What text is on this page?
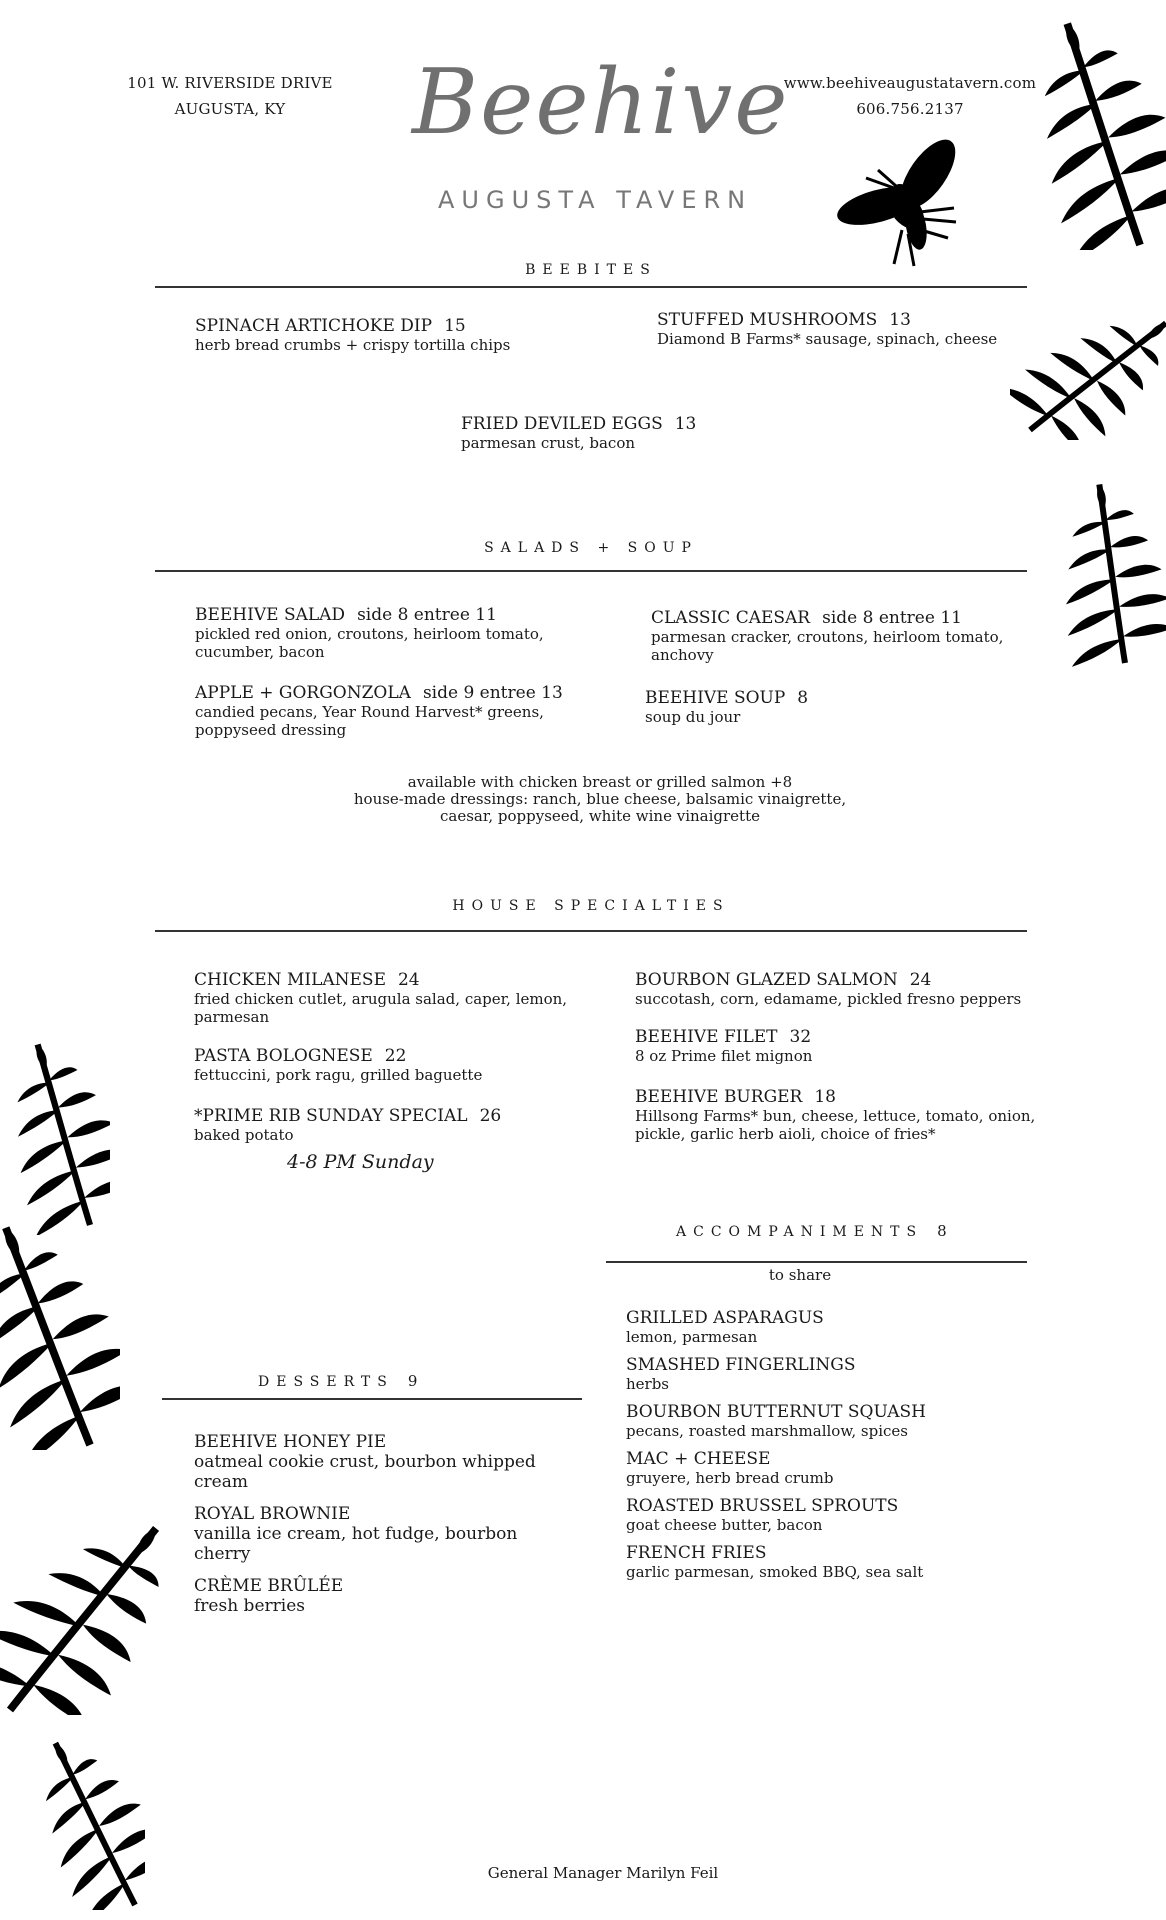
101 W. RIVERSIDE DRIVE
AUGUSTA, KY	Beehive
AUGUSTA TAVERN
www.beehiveaugustatavern.com
606.756.2137
BEEBITES
SPINACH ARTICHOKE DIP 15
herb bread crumbs + crispy tortilla chips
STUFFED MUSHROOMS 13
Diamond B Farms* sausage, spinach, cheese
FRIED DEVILED EGGS 13
parmesan crust, bacon
SALADS + SOUP
BEEHIVE SALAD side 8 entree 11
pickled red onion, croutons, heirloom tomato, cucumber, bacon
CLASSIC CAESAR side 8 entree 11
parmesan cracker, croutons, heirloom tomato, anchovy
APPLE + GORGONZOLA side 9 entree 13
candied pecans, Year Round Harvest* greens, poppyseed dressing
BEEHIVE SOUP 8
soup du jour
available with chicken breast or grilled salmon +8
house-made dressings: ranch, blue cheese, balsamic vinaigrette,
caesar, poppyseed, white wine vinaigrette
HOUSE SPECIALTIES
CHICKEN MILANESE 24
fried chicken cutlet, arugula salad, caper, lemon, parmesan
BOURBON GLAZED SALMON 24
succotash, corn, edamame, pickled fresno peppers
PASTA BOLOGNESE 22
fettuccini, pork ragu, grilled baguette
BEEHIVE FILET 32
8 oz Prime filet mignon
*PRIME RIB SUNDAY SPECIAL 26
baked potato
BEEHIVE BURGER 18
Hillsong Farms* bun, cheese, lettuce, tomato, onion, pickle, garlic herb aioli, choice of fries*
4-8 PM Sunday
ACCOMPANIMENTS 8
to share
GRILLED ASPARAGUS
lemon, parmesan
SMASHED FINGERLINGS
herbs
BOURBON BUTTERNUT SQUASH
pecans, roasted marshmallow, spices
MAC + CHEESE
gruyere, herb bread crumb
ROASTED BRUSSEL SPROUTS
goat cheese butter, bacon
FRENCH FRIES
garlic parmesan, smoked BBQ, sea salt
DESSERTS 9
BEEHIVE HONEY PIE
oatmeal cookie crust, bourbon whipped cream
ROYAL BROWNIE
vanilla ice cream, hot fudge, bourbon cherry
CRÈME BRÛLÉE
fresh berries
General Manager Marilyn Feil
